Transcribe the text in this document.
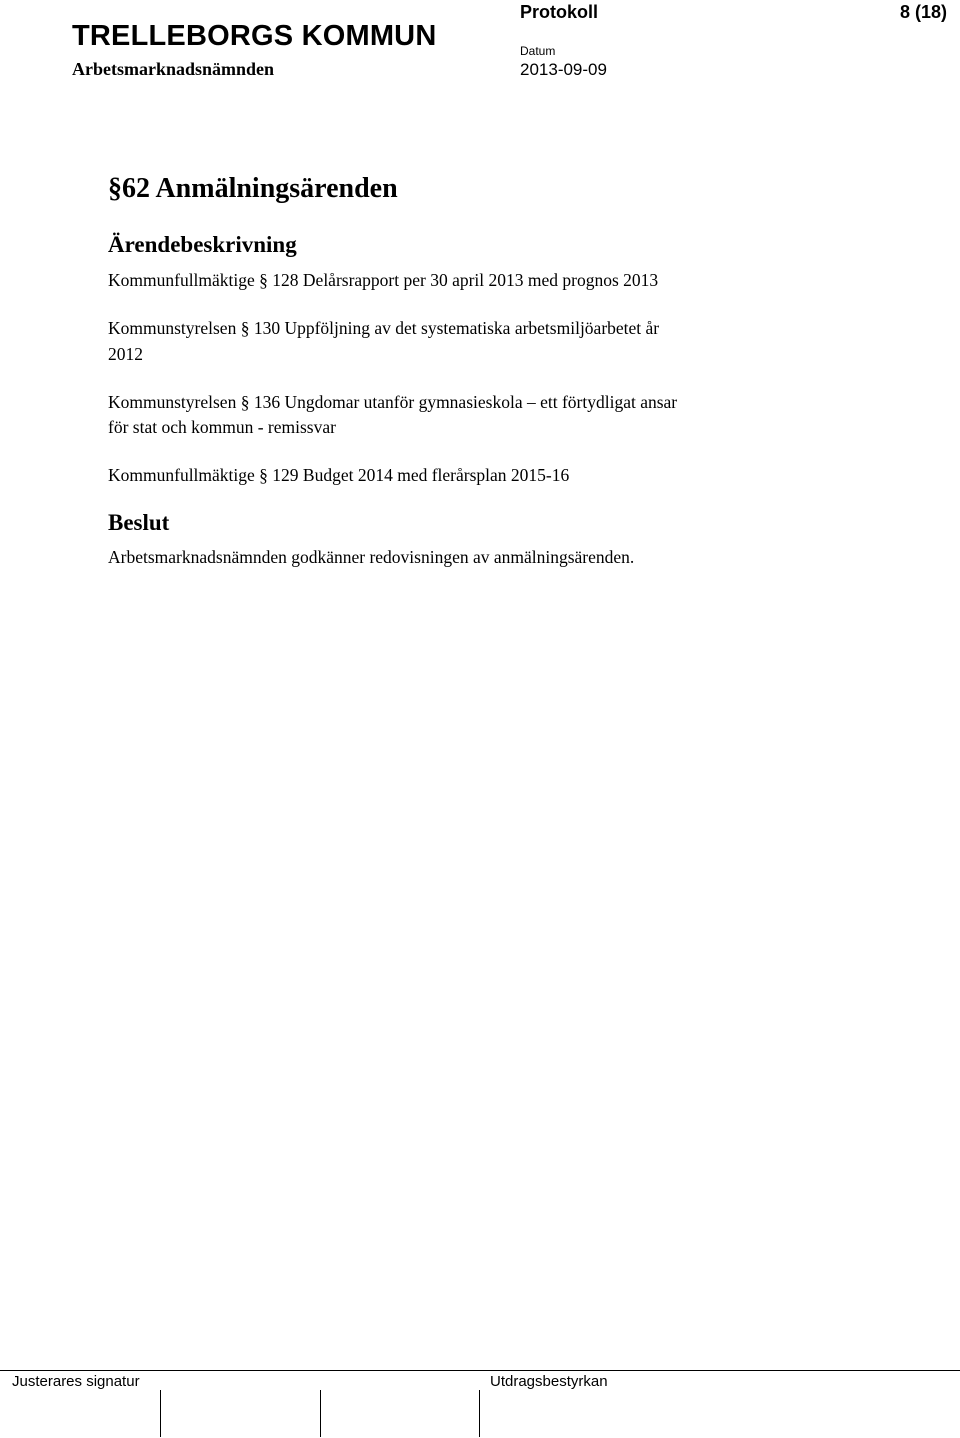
TRELLEBORGS KOMMUN
Arbetsmarknadsnämnden
Protokoll
Datum
2013-09-09
8 (18)
§62 Anmälningsärenden
Ärendebeskrivning
Kommunfullmäktige § 128 Delårsrapport per 30 april 2013 med prognos 2013
Kommunstyrelsen § 130 Uppföljning av det systematiska arbetsmiljöarbetet år
2012
Kommunstyrelsen § 136 Ungdomar utanför gymnasieskola – ett förtydligat ansar
för stat och kommun - remissvar
Kommunfullmäktige § 129 Budget 2014 med flerårsplan 2015-16
Beslut
Arbetsmarknadsnämnden godkänner redovisningen av anmälningsärenden.
Justerares signatur	Utdragsbestyrkan
